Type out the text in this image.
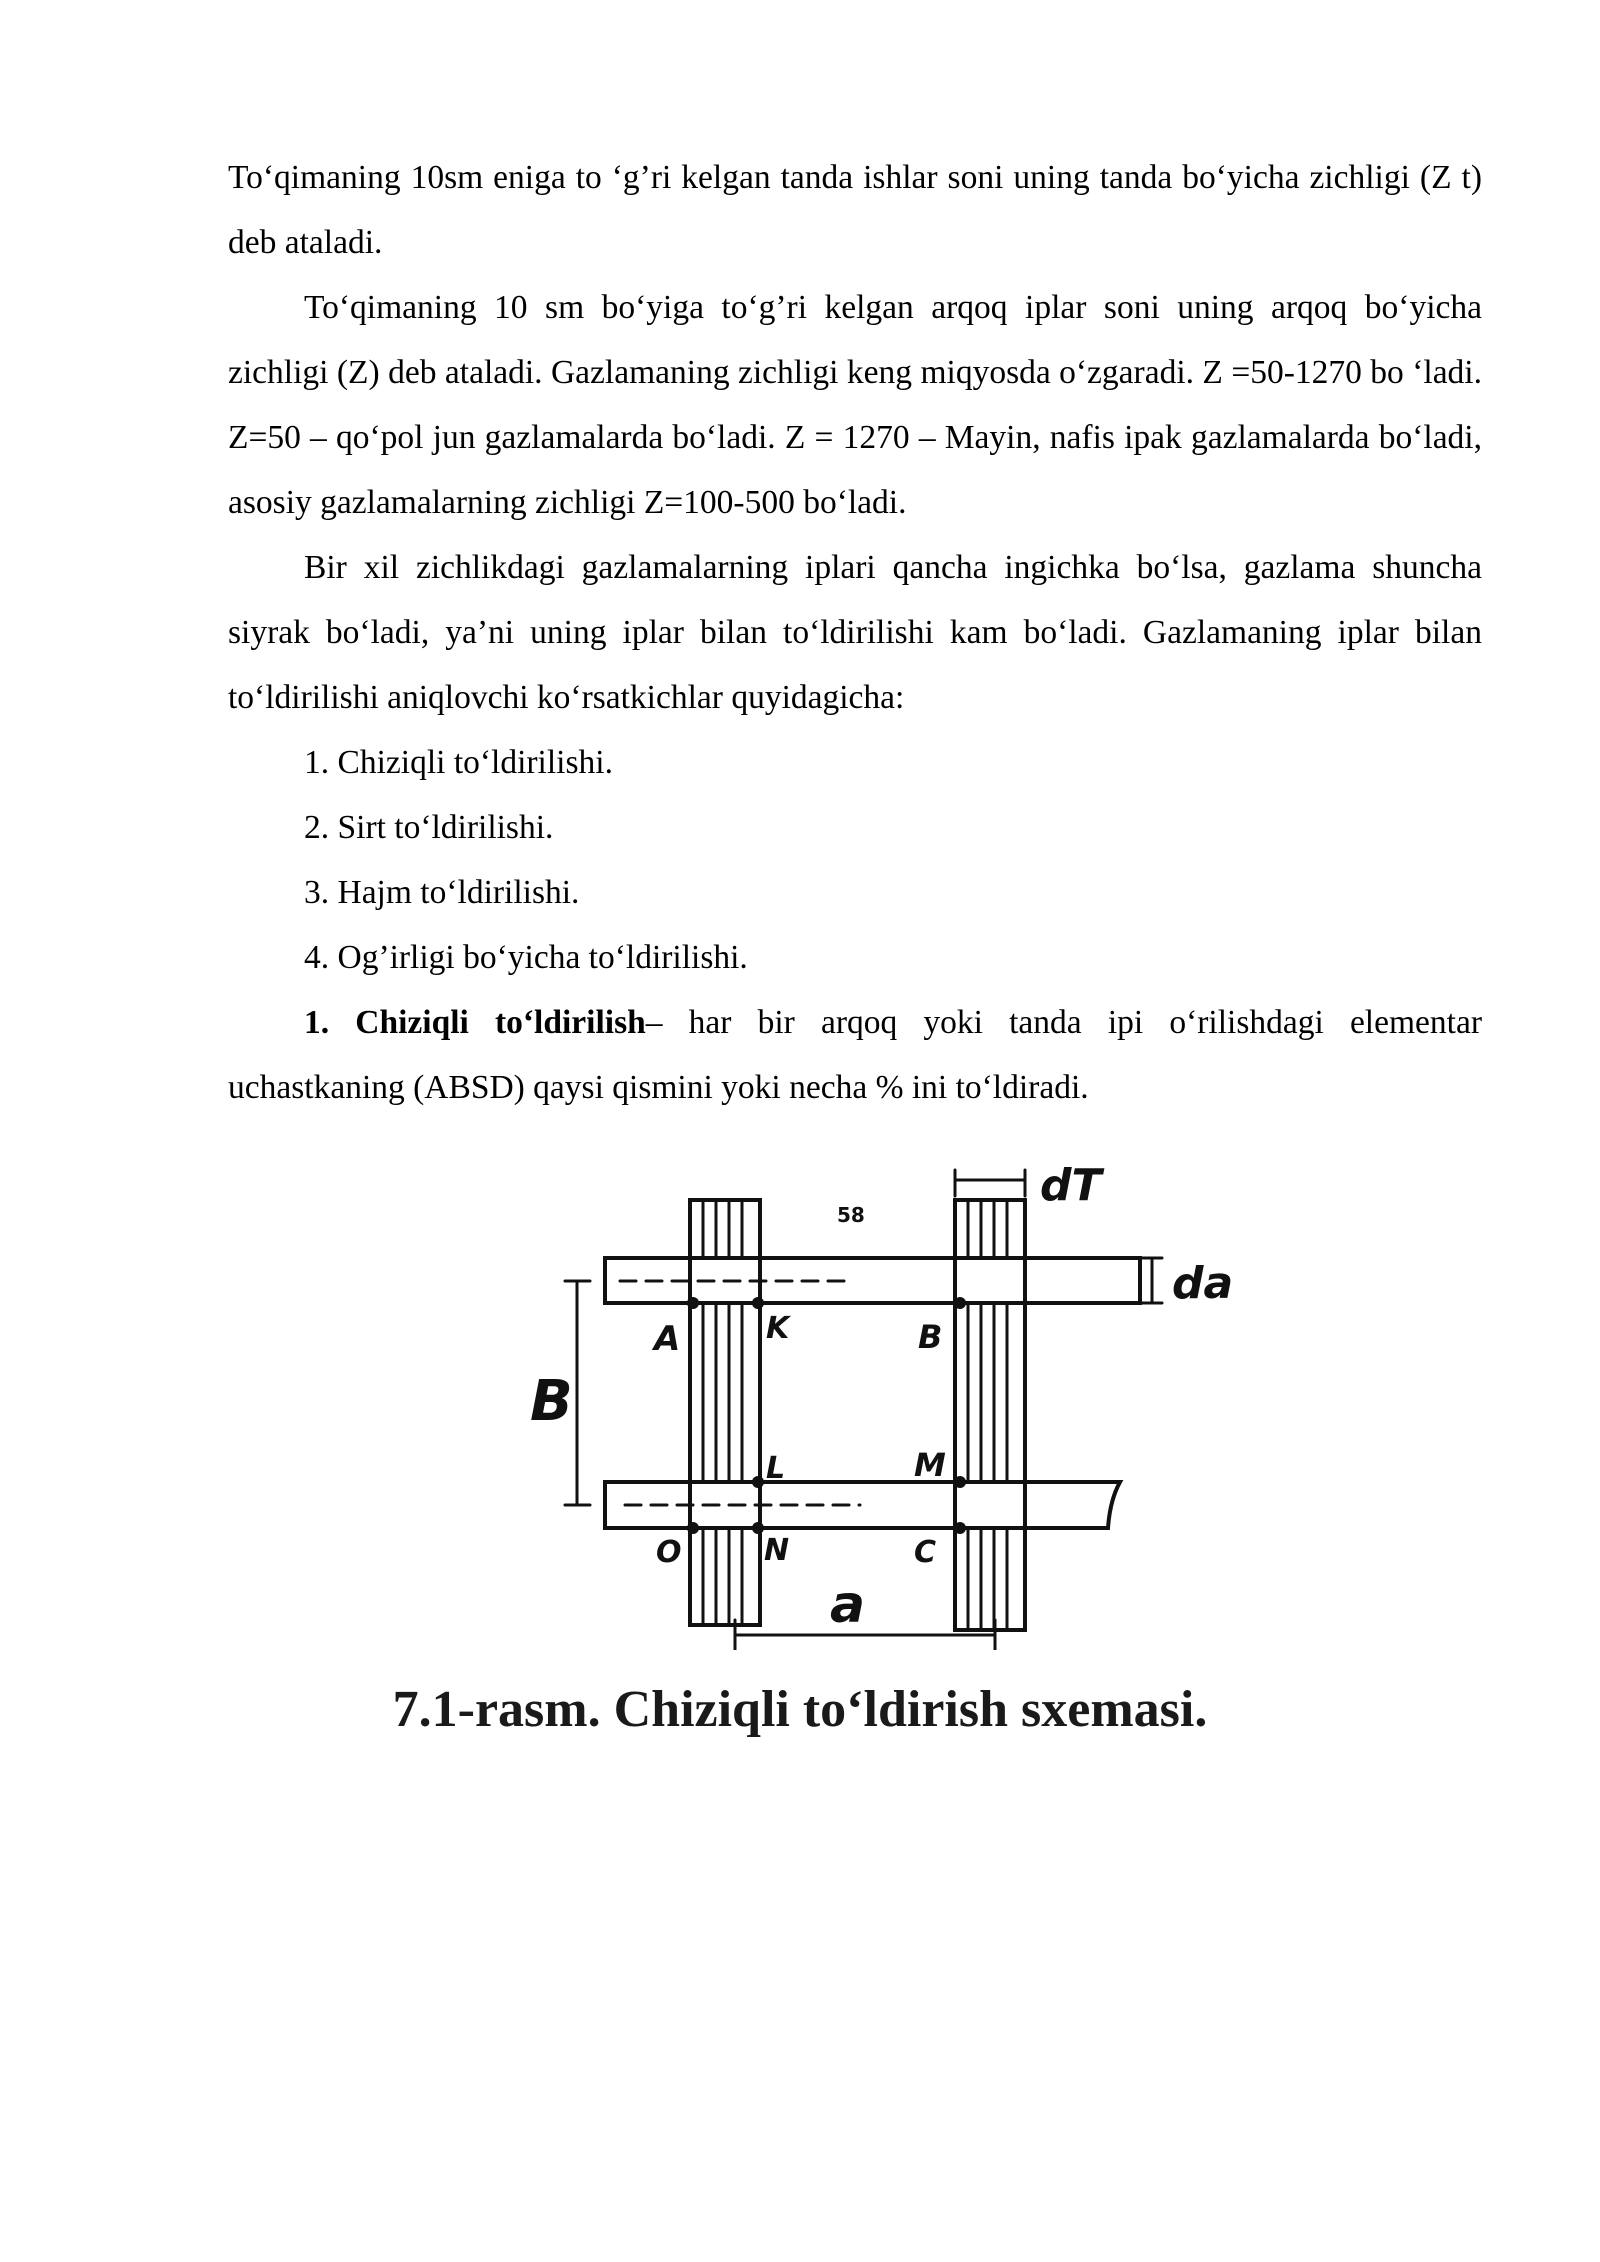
To‘qimaning 10sm eniga to ‘g’ri kelgan tanda ishlar soni uning tanda bo‘yicha zichligi (Z t) deb ataladi.

To‘qimaning 10 sm bo‘yiga to‘g’ri kelgan arqoq iplar soni uning arqoq bo‘yicha zichligi (Z) deb ataladi. Gazlamaning zichligi keng miqyosda o‘zgaradi. Z =50-1270 bo ‘ladi. Z=50 – qo‘pol jun gazlamalarda bo‘ladi. Z = 1270 – Mayin, nafis ipak gazlamalarda bo‘ladi, asosiy gazlamalarning zichligi Z=100-500 bo‘ladi.

Bir xil zichlikdagi gazlamalarning iplari qancha ingichka bo‘lsa, gazlama shuncha siyrak bo‘ladi, ya’ni uning iplar bilan to‘ldirilishi kam bo‘ladi. Gazlamaning iplar bilan to‘ldirilishi aniqlovchi ko‘rsatkichlar quyidagicha:

1. Chiziqli to‘ldirilishi.

2. Sirt to‘ldirilishi.

3. Hajm to‘ldirilishi.

4. Og’irligi bo‘yicha to‘ldirilishi.

1. Chiziqli to‘ldirilish– har bir arqoq yoki tanda ipi o‘rilishdagi elementar uchastkaning (ABSD) qaysi qismini yoki necha % ini to‘ldiradi.

58
dT
da
B
a
A	K	B
L	M
O	N	C
7.1-rasm. Chiziqli to‘ldirish sxemasi.
